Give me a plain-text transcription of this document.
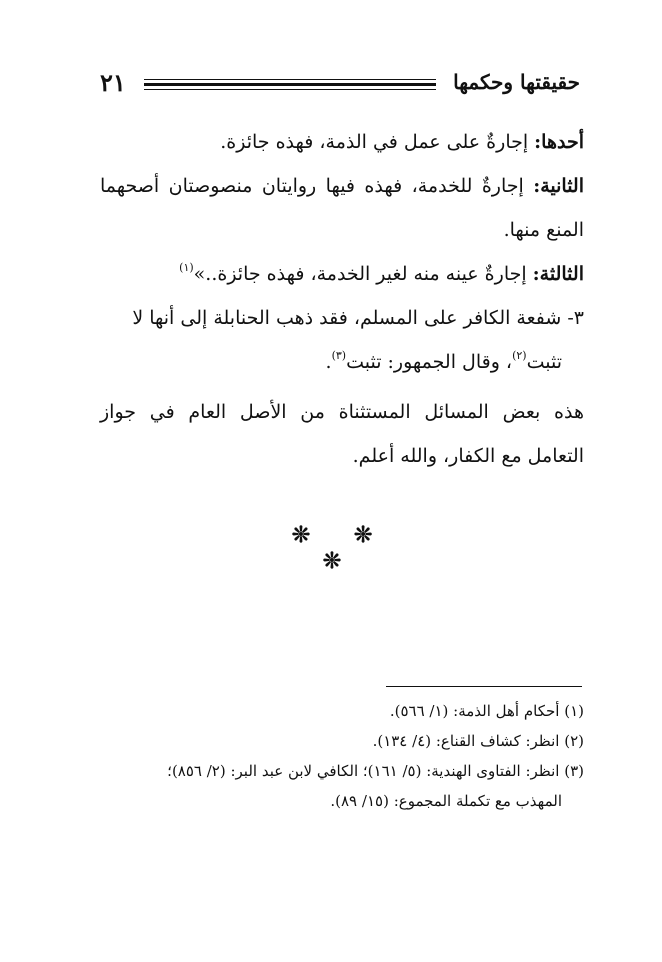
٢١	حقيقتها وحكمها

أحدها: إجارةٌ على عمل في الذمة، فهذه جائزة.

الثانية: إجارةٌ للخدمة، فهذه فيها روايتان منصوصتان أصحهما المنع منها.

الثالثة: إجارةٌ عينه منه لغير الخدمة، فهذه جائزة..»$^{(١)}$

٣- شفعة الكافر على المسلم، فقد ذهب الحنابلة إلى أنها لا
تثبت$^{(٢)}$، وقال الجمهور: تثبت$^{(٣)}$.

هذه بعض المسائل المستثناة من الأصل العام في جواز التعامل مع الكفار، والله أعلم.

❊ ❊ ❊

(١) أحكام أهل الذمة: (١/ ٥٦٦).

(٢) انظر: كشاف القناع: (٤/ ١٣٤).

(٣) انظر: الفتاوى الهندية: (٥/ ١٦١)؛ الكافي لابن عبد البر: (٢/ ٨٥٦)؛
المهذب مع تكملة المجموع: (١٥/ ٨٩).
